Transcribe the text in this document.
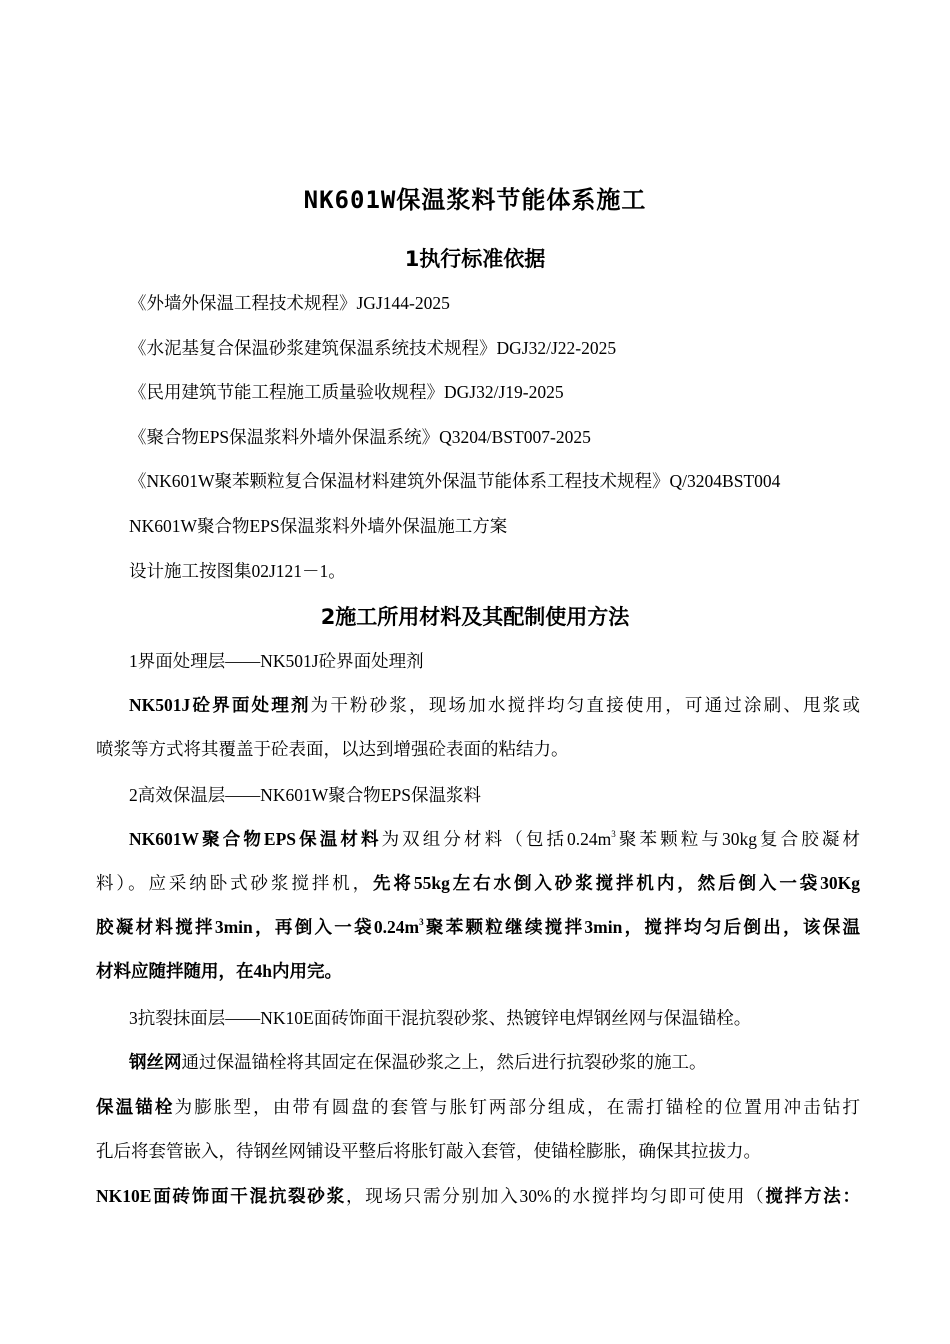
NK601W保温浆料节能体系施工
1执行标准依据
《外墙外保温工程技术规程》JGJ144-2025
《水泥基复合保温砂浆建筑保温系统技术规程》DGJ32/J22-2025
《民用建筑节能工程施工质量验收规程》DGJ32/J19-2025
《聚合物EPS保温浆料外墙外保温系统》Q3204/BST007-2025
《NK601W聚苯颗粒复合保温材料建筑外保温节能体系工程技术规程》Q/3204BST004
NK601W聚合物EPS保温浆料外墙外保温施工方案
设计施工按图集02J121－1。
2施工所用材料及其配制使用方法
1界面处理层——NK501J砼界面处理剂
NK501J砼界面处理剂为干粉砂浆，现场加水搅拌均匀直接使用，可通过涂刷、甩浆或
喷浆等方式将其覆盖于砼表面，以达到增强砼表面的粘结力。
2高效保温层——NK601W聚合物EPS保温浆料
NK601W聚合物EPS保温材料为双组分材料（包括$0.24m^3$聚苯颗粒与30kg复合胶凝材
料）。应采纳卧式砂浆搅拌机，先将55kg左右水倒入砂浆搅拌机内，然后倒入一袋30Kg
胶凝材料搅拌3min，再倒入一袋$0.24m^3$聚苯颗粒继续搅拌3min，搅拌均匀后倒出，该保温
材料应随拌随用，在4h内用完。
3抗裂抹面层——NK10E面砖饰面干混抗裂砂浆、热镀锌电焊钢丝网与保温锚栓。
钢丝网通过保温锚栓将其固定在保温砂浆之上，然后进行抗裂砂浆的施工。
保温锚栓为膨胀型，由带有圆盘的套管与胀钉两部分组成，在需打锚栓的位置用冲击钻打
孔后将套管嵌入，待钢丝网铺设平整后将胀钉敲入套管，使锚栓膨胀，确保其拉拔力。
NK10E面砖饰面干混抗裂砂浆，现场只需分别加入30%的水搅拌均匀即可使用（搅拌方法：
